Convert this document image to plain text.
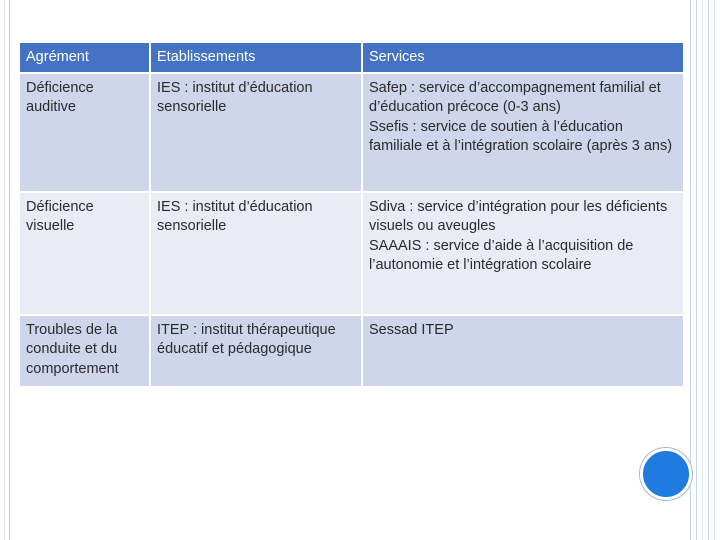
Agrément	Etablissements	Services
Déficience auditive	IES : institut d’éducation sensorielle	Safep : service d’accompagnement familial et d’éducation précoce (0-3 ans)
Ssefis : service de soutien à l’éducation familiale et à l’intégration scolaire (après 3 ans)

Déficience visuelle	IES : institut d’éducation sensorielle	Sdiva : service d’intégration pour les déficients visuels ou aveugles
SAAAIS : service d’aide à l’acquisition de l’autonomie et l’intégration scolaire

Troubles de la conduite et du comportement	ITEP : institut thérapeutique éducatif et pédagogique	Sessad ITEP
